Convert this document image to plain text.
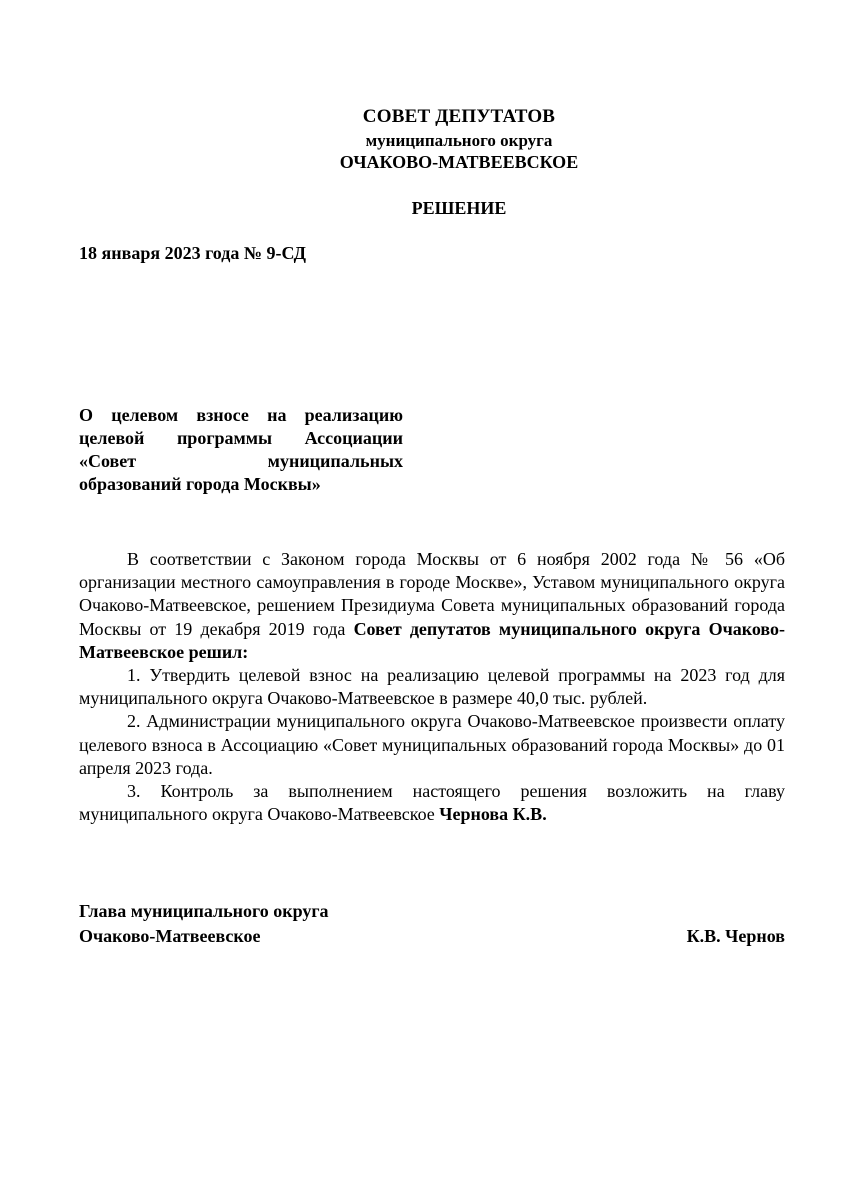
СОВЕТ ДЕПУТАТОВ
муниципального округа
ОЧАКОВО-МАТВЕЕВСКОЕ
РЕШЕНИЕ
18 января 2023 года № 9-СД
О целевом взносе на реализацию
целевой программы Ассоциации
«Совет муниципальных
образований города Москвы»

В соответствии с Законом города Москвы от 6 ноября 2002 года № 56 «Об организации местного самоуправления в городе Москве», Уставом муниципального округа Очаково-Матвеевское, решением Президиума Совета муниципальных образований города Москвы от 19 декабря 2019 года Совет депутатов муниципального округа Очаково-Матвеевское решил:

1. Утвердить целевой взнос на реализацию целевой программы на 2023 год для муниципального округа Очаково-Матвеевское в размере 40,0 тыс. рублей.

2. Администрации муниципального округа Очаково-Матвеевское произвести оплату целевого взноса в Ассоциацию «Совет муниципальных образований города Москвы» до 01 апреля 2023 года.

3. Контроль за выполнением настоящего решения возложить на главу муниципального округа Очаково-Матвеевское Чернова К.В.

Глава муниципального округа
Очаково-Матвеевское	К.В. Чернов
